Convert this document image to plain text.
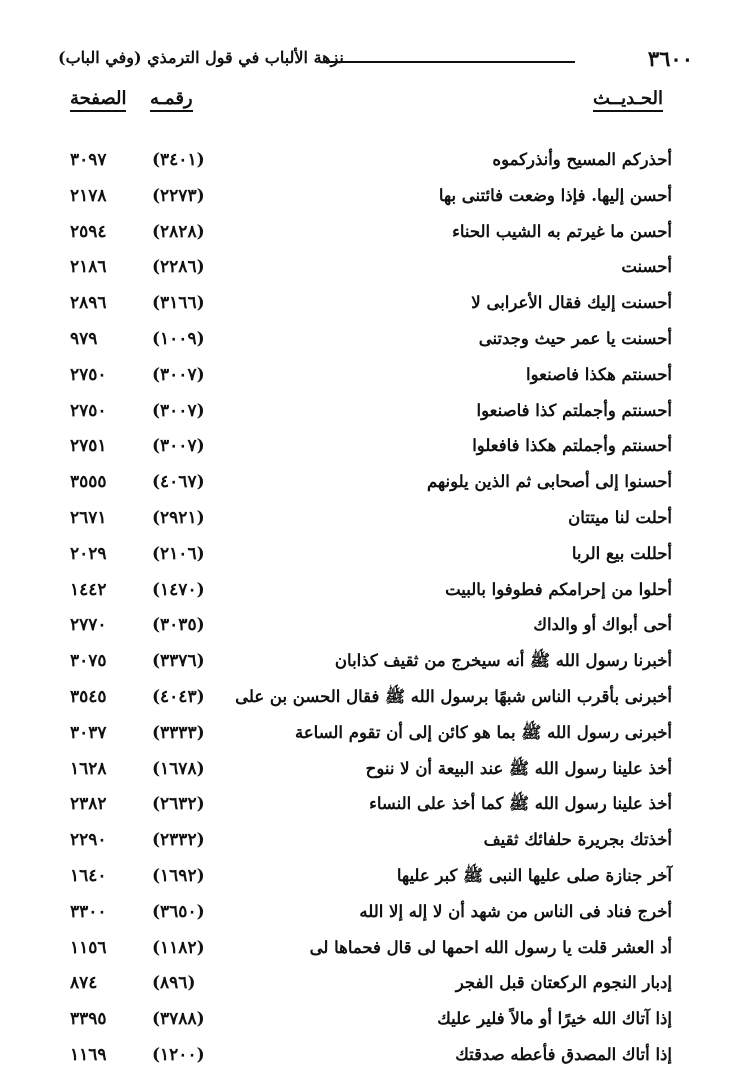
٣٦٠٠
نزهة الألباب في قول الترمذي (وفي الباب)
الحـديــث
رقمـه
الصفحة
أحذركم المسيح وأنذركموه
(٣٤٠١)
٣٠٩٧
أحسن إليها. فإذا وضعت فائتنى بها
(٢٢٧٣)
٢١٧٨
أحسن ما غيرتم به الشيب الحناء
(٢٨٢٨)
٢٥٩٤
أحسنت
(٢٢٨٦)
٢١٨٦
أحسنت إليك فقال الأعرابى لا
(٣١٦٦)
٢٨٩٦
أحسنت يا عمر حيث وجدتنى
(١٠٠٩)
٩٧٩
أحسنتم هكذا فاصنعوا
(٣٠٠٧)
٢٧٥٠
أحسنتم وأجملتم كذا فاصنعوا
(٣٠٠٧)
٢٧٥٠
أحسنتم وأجملتم هكذا فافعلوا
(٣٠٠٧)
٢٧٥١
أحسنوا إلى أصحابى ثم الذين يلونهم
(٤٠٦٧)
٣٥٥٥
أحلت لنا ميتتان
(٢٩٢١)
٢٦٧١
أحللت بيع الربا
(٢١٠٦)
٢٠٢٩
أحلوا من إحرامكم فطوفوا بالبيت
(١٤٧٠)
١٤٤٢
أحى أبواك أو والداك
(٣٠٣٥)
٢٧٧٠
أخبرنا رسول الله ﷺ أنه سيخرج من ثقيف كذابان
(٣٣٧٦)
٣٠٧٥
أخبرنى بأقرب الناس شبهًا برسول الله ﷺ فقال الحسن بن على
(٤٠٤٣)
٣٥٤٥
أخبرنى رسول الله ﷺ بما هو كائن إلى أن تقوم الساعة
(٣٣٣٣)
٣٠٣٧
أخذ علينا رسول الله ﷺ عند البيعة أن لا ننوح
(١٦٧٨)
١٦٢٨
أخذ علينا رسول الله ﷺ كما أخذ على النساء
(٢٦٣٢)
٢٣٨٢
أخذتك بجريرة حلفائك ثقيف
(٢٣٣٢)
٢٢٩٠
آخر جنازة صلى عليها النبى ﷺ كبر عليها
(١٦٩٢)
١٦٤٠
أخرج فناد فى الناس من شهد أن لا إله إلا الله
(٣٦٥٠)
٣٣٠٠
أد العشر قلت يا رسول الله احمها لى قال فحماها لى
(١١٨٢)
١١٥٦
إدبار النجوم الركعتان قبل الفجر
(٨٩٦)
٨٧٤
إذا آتاك الله خيرًا أو مالاً فلير عليك
(٣٧٨٨)
٣٣٩٥
إذا أتاك المصدق فأعطه صدقتك
(١٢٠٠)
١١٦٩
